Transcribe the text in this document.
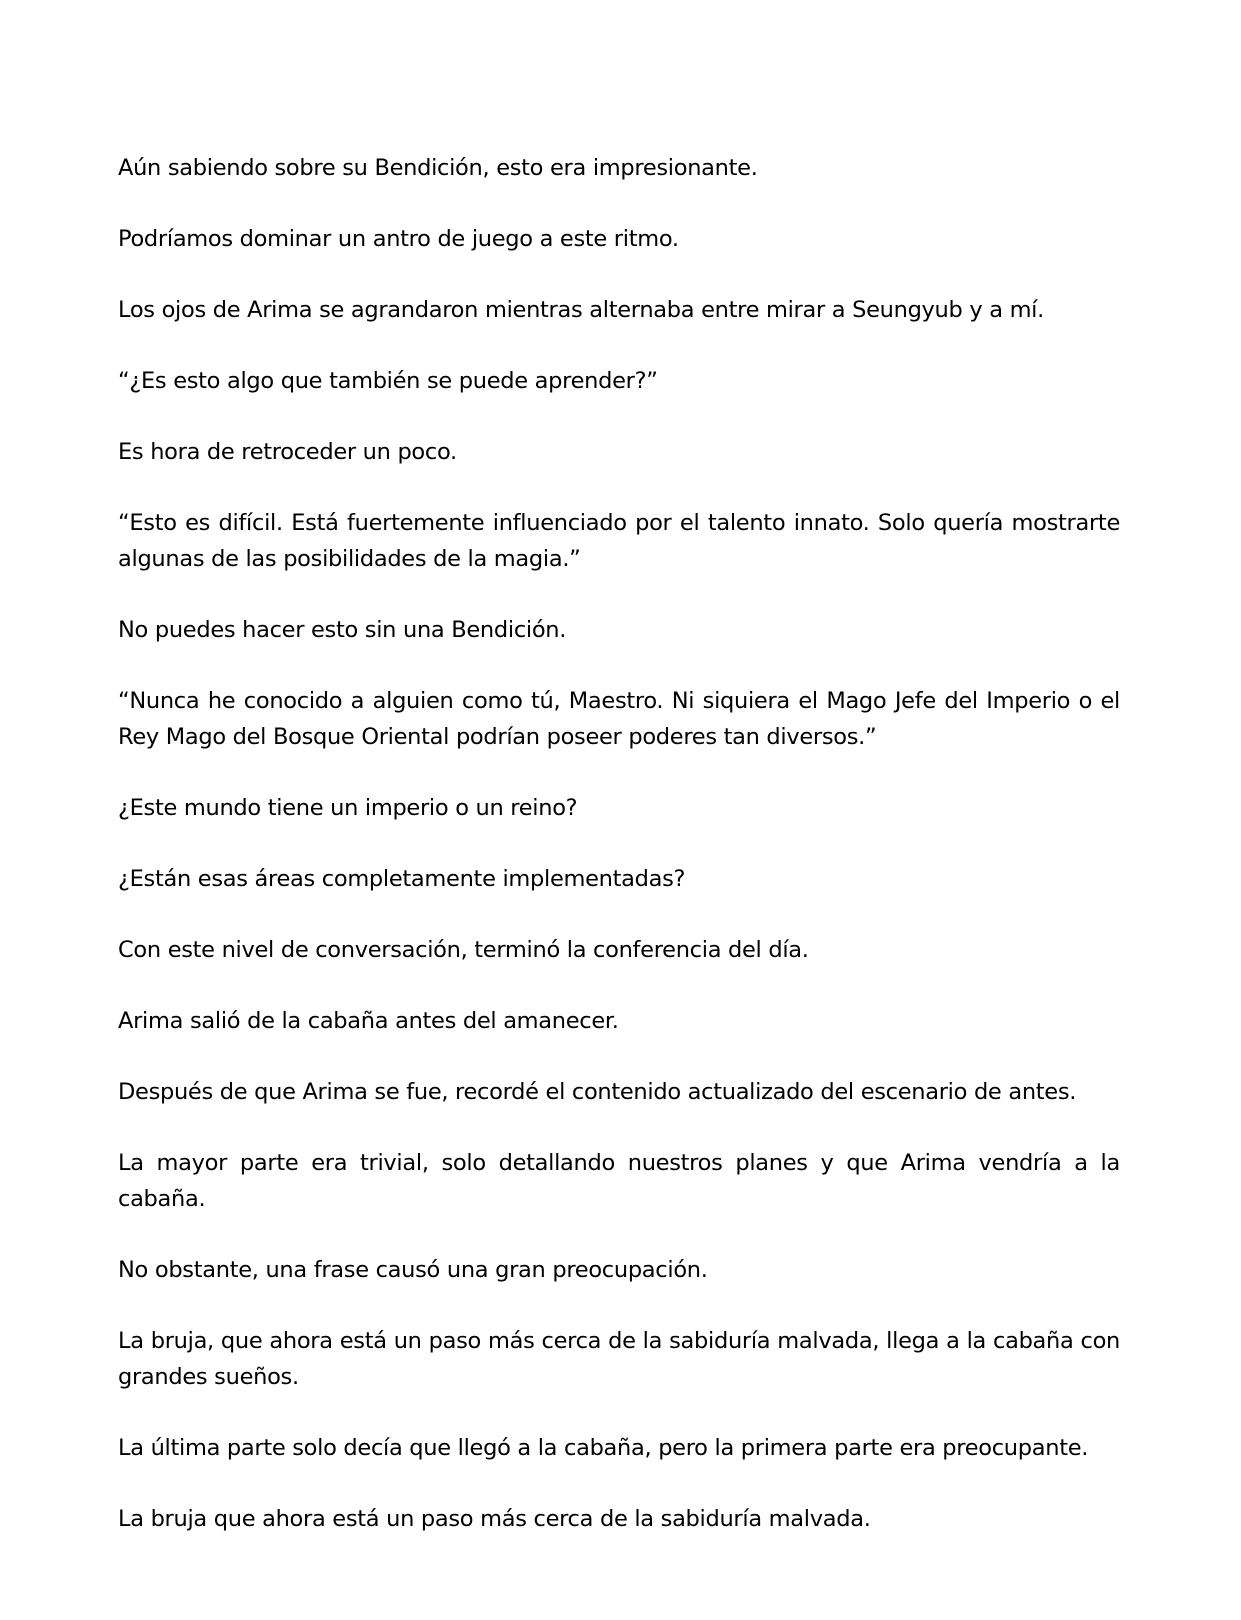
Aún sabiendo sobre su Bendición, esto era impresionante.

Podríamos dominar un antro de juego a este ritmo.

Los ojos de Arima se agrandaron mientras alternaba entre mirar a Seungyub y a mí.

“¿Es esto algo que también se puede aprender?”

Es hora de retroceder un poco.

“Esto es difícil. Está fuertemente influenciado por el talento innato. Solo quería mostrarte algunas de las posibilidades de la magia.”

No puedes hacer esto sin una Bendición.

“Nunca he conocido a alguien como tú, Maestro. Ni siquiera el Mago Jefe del Imperio o el Rey Mago del Bosque Oriental podrían poseer poderes tan diversos.”

¿Este mundo tiene un imperio o un reino?

¿Están esas áreas completamente implementadas?

Con este nivel de conversación, terminó la conferencia del día.

Arima salió de la cabaña antes del amanecer.

Después de que Arima se fue, recordé el contenido actualizado del escenario de antes.

La mayor parte era trivial, solo detallando nuestros planes y que Arima vendría a la cabaña.

No obstante, una frase causó una gran preocupación.

La bruja, que ahora está un paso más cerca de la sabiduría malvada, llega a la cabaña con grandes sueños.

La última parte solo decía que llegó a la cabaña, pero la primera parte era preocupante.

La bruja que ahora está un paso más cerca de la sabiduría malvada.
